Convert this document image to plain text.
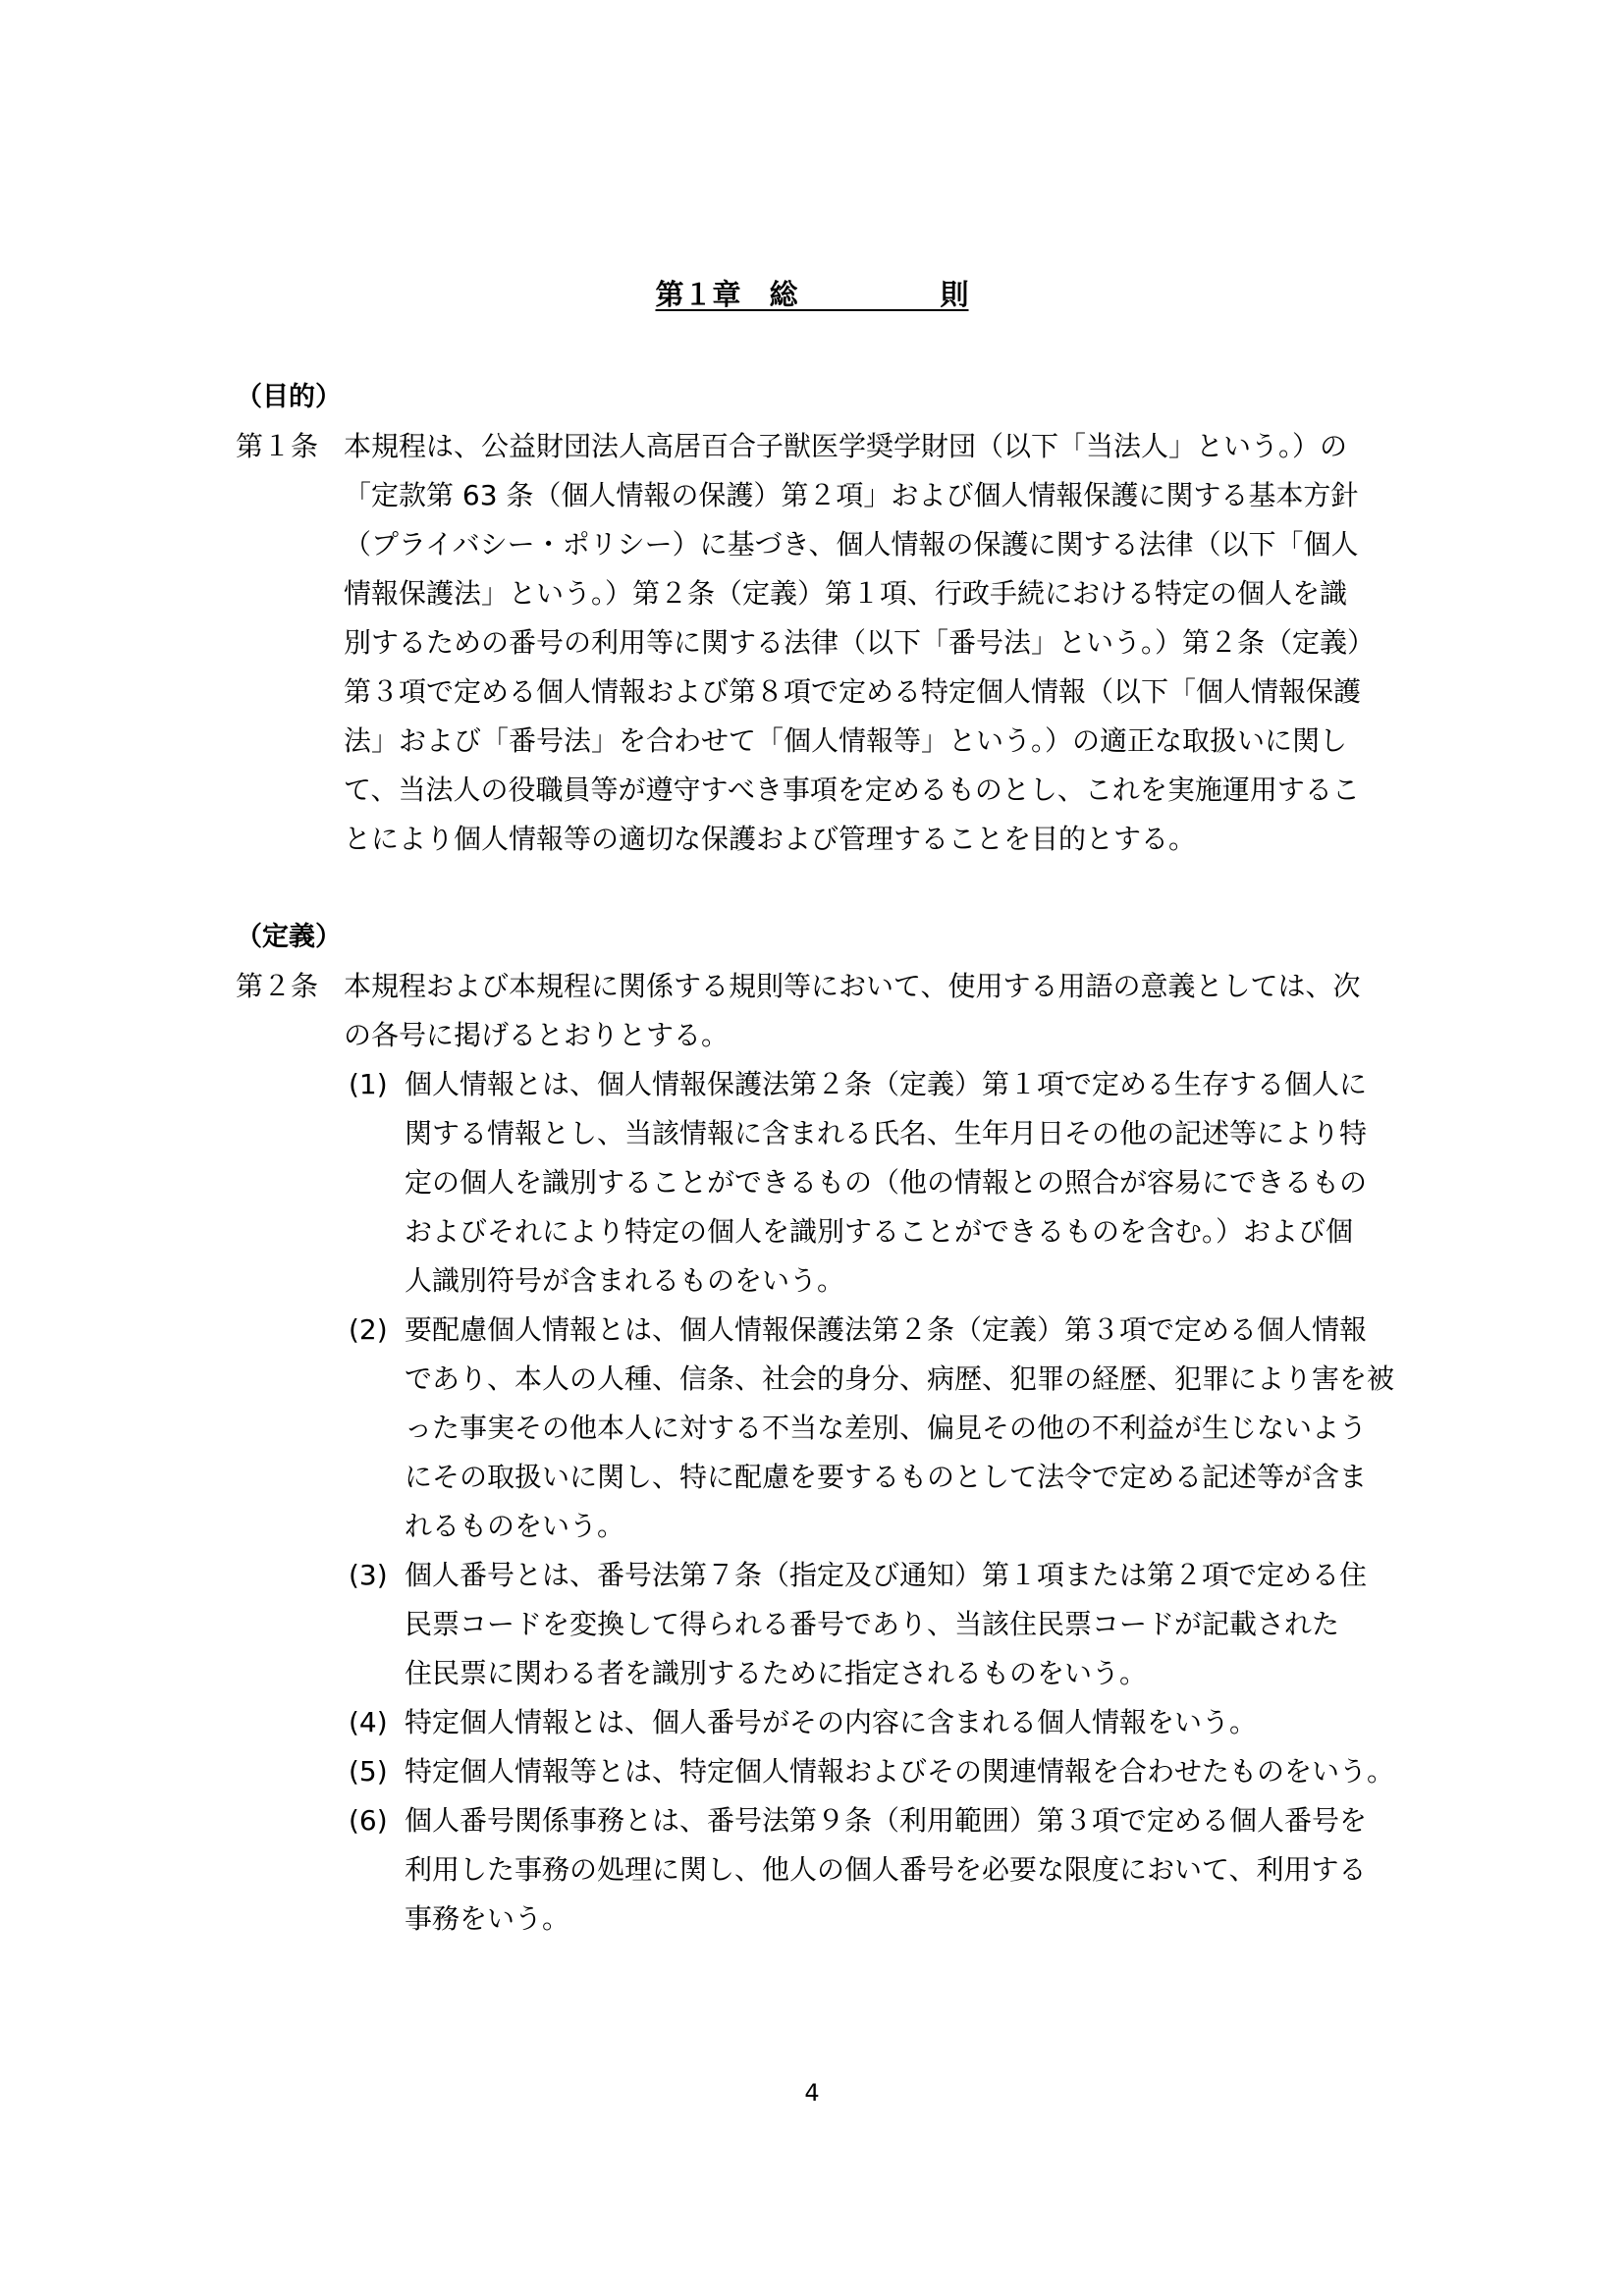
第１章　総　　　　　則
（目的）
第１条 本規程は、公益財団法人高居百合子獣医学奨学財団（以下「当法人」という。）の
「定款第 63 条（個人情報の保護）第２項」および個人情報保護に関する基本方針
（プライバシー・ポリシー）に基づき、個人情報の保護に関する法律（以下「個人
情報保護法」という。）第２条（定義）第１項、行政手続における特定の個人を識
別するための番号の利用等に関する法律（以下「番号法」という。）第２条（定義）
第３項で定める個人情報および第８項で定める特定個人情報（以下「個人情報保護
法」および「番号法」を合わせて「個人情報等」という。）の適正な取扱いに関し
て、当法人の役職員等が遵守すべき事項を定めるものとし、これを実施運用するこ
とにより個人情報等の適切な保護および管理することを目的とする。
（定義）
第２条 本規程および本規程に関係する規則等において、使用する用語の意義としては、次
の各号に掲げるとおりとする。
(1) 個人情報とは、個人情報保護法第２条（定義）第１項で定める生存する個人に
関する情報とし、当該情報に含まれる氏名、生年月日その他の記述等により特
定の個人を識別することができるもの（他の情報との照合が容易にできるもの
およびそれにより特定の個人を識別することができるものを含む。）および個
人識別符号が含まれるものをいう。
(2) 要配慮個人情報とは、個人情報保護法第２条（定義）第３項で定める個人情報
であり、本人の人種、信条、社会的身分、病歴、犯罪の経歴、犯罪により害を被
った事実その他本人に対する不当な差別、偏見その他の不利益が生じないよう
にその取扱いに関し、特に配慮を要するものとして法令で定める記述等が含ま
れるものをいう。
(3) 個人番号とは、番号法第７条（指定及び通知）第１項または第２項で定める住
民票コードを変換して得られる番号であり、当該住民票コードが記載された
住民票に関わる者を識別するために指定されるものをいう。
(4) 特定個人情報とは、個人番号がその内容に含まれる個人情報をいう。
(5) 特定個人情報等とは、特定個人情報およびその関連情報を合わせたものをいう。
(6) 個人番号関係事務とは、番号法第９条（利用範囲）第３項で定める個人番号を
利用した事務の処理に関し、他人の個人番号を必要な限度において、利用する
事務をいう。
4
